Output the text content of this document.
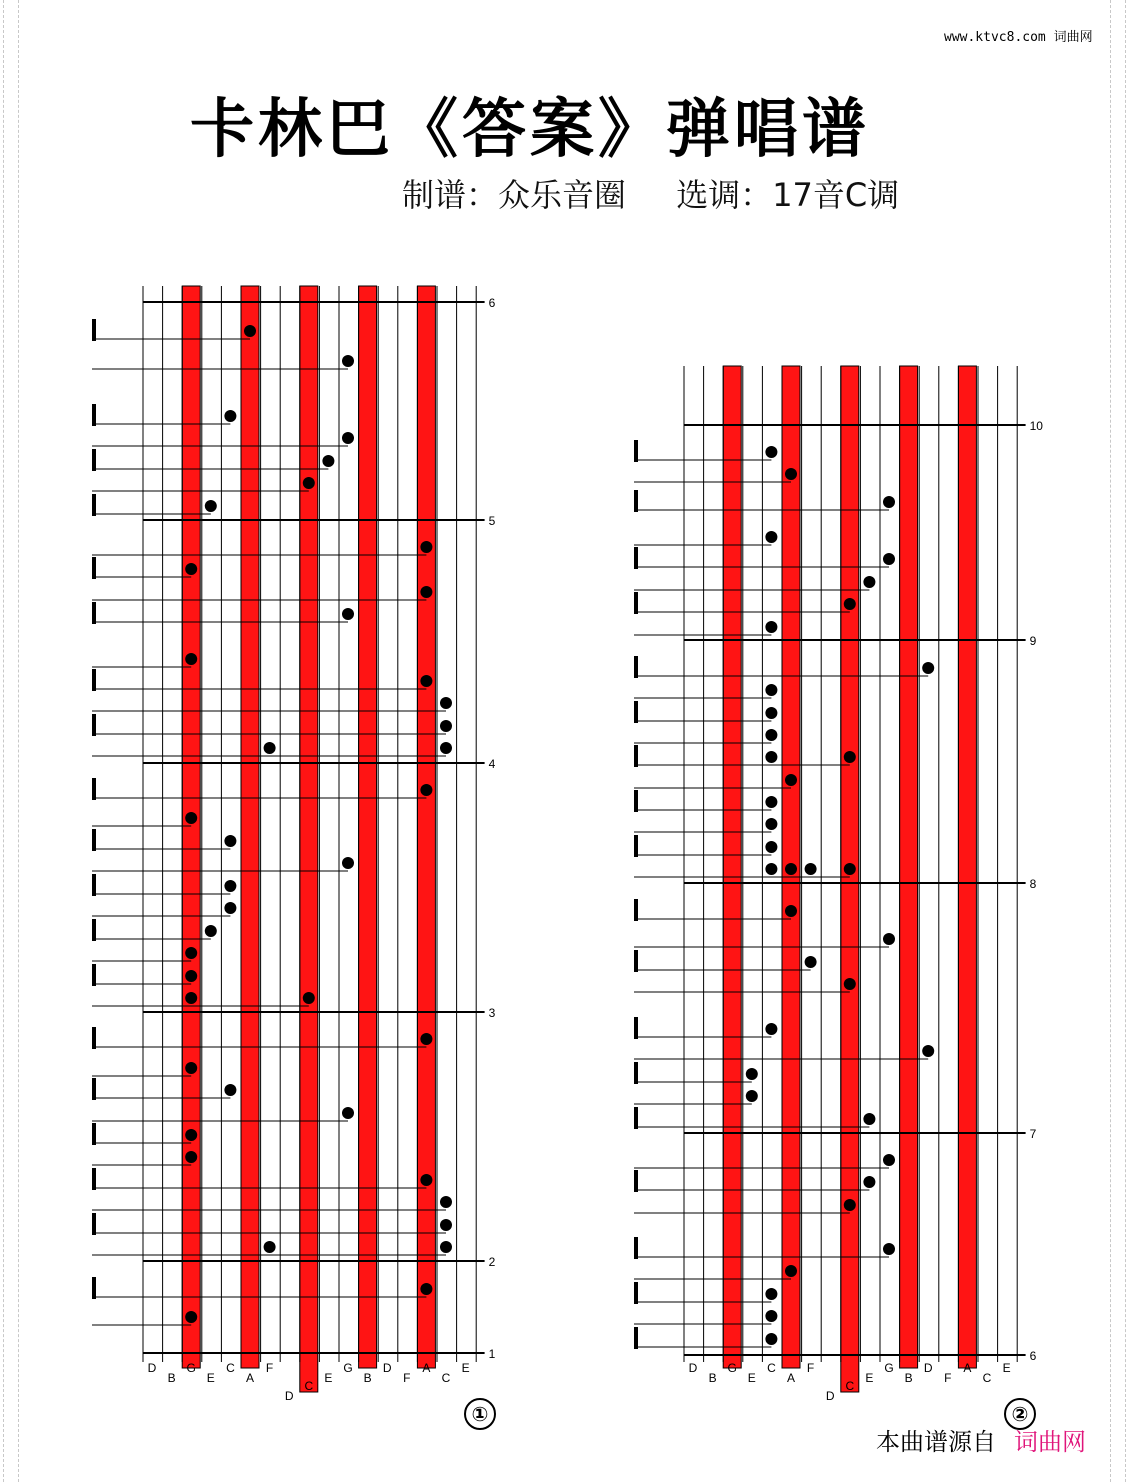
www.ktvc8.com 词曲网
卡林巴《答案》弹唱谱
制谱：众乐音圈 选调：17音C调
6
5
4
3
2
1
D
B
G
E
C
A
F
D
C
E
G
B
D
F
A
C
E
10
9
8
7
6
D
B
G
E
C
A
F
D
C
E
G
B
D
F
A
C
E
①	②
本曲谱源自 词曲网
